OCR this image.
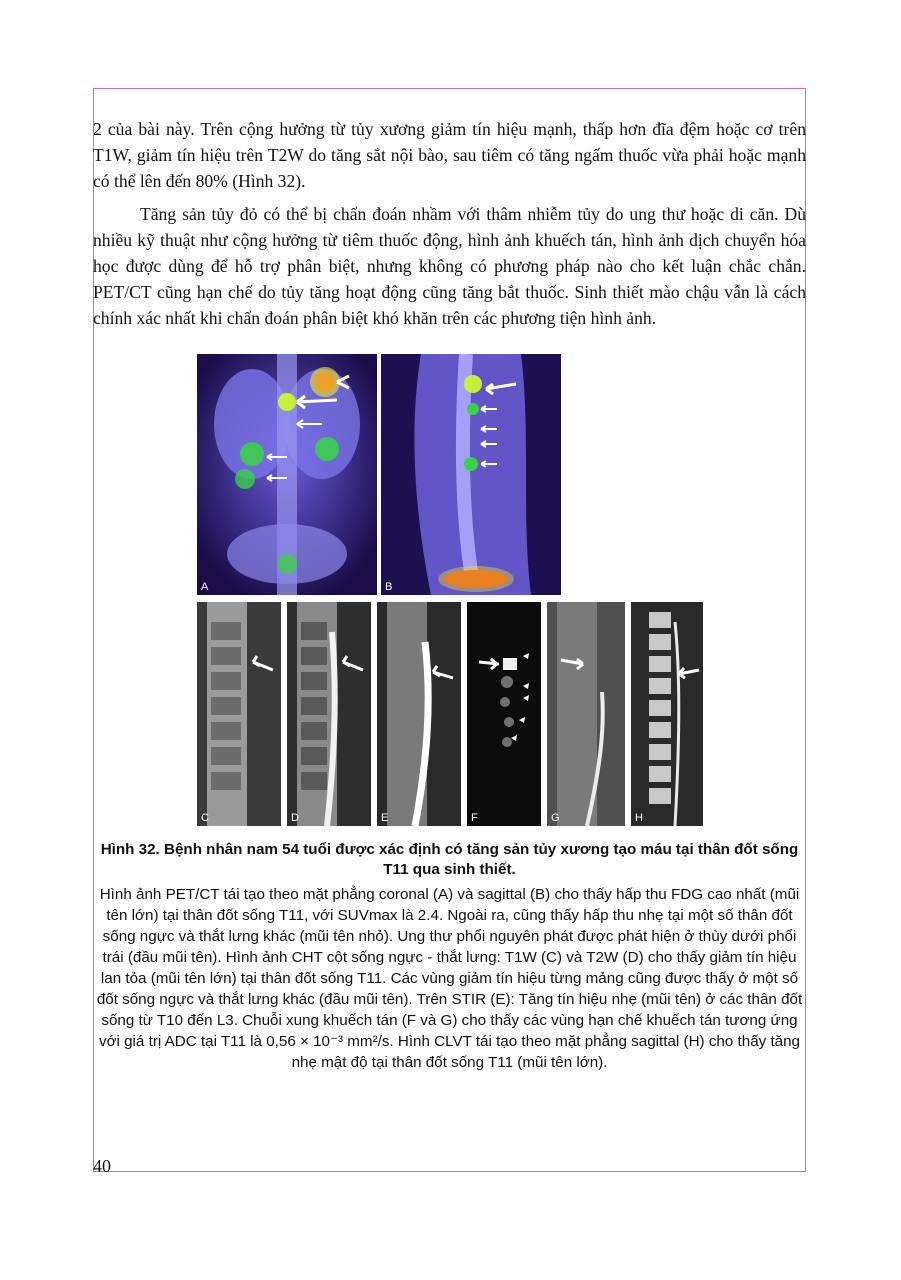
2 của bài này. Trên cộng hưởng từ tủy xương giảm tín hiệu mạnh, thấp hơn đĩa đệm hoặc cơ trên T1W, giảm tín hiệu trên T2W do tăng sắt nội bào, sau tiêm có tăng ngấm thuốc vừa phải hoặc mạnh có thể lên đến 80% (Hình 32).

Tăng sản tủy đỏ có thể bị chẩn đoán nhầm với thâm nhiễm tủy do ung thư hoặc di căn. Dù nhiều kỹ thuật như cộng hưởng từ tiêm thuốc động, hình ảnh khuếch tán, hình ảnh dịch chuyển hóa học được dùng để hỗ trợ phân biệt, nhưng không có phương pháp nào cho kết luận chắc chắn. PET/CT cũng hạn chế do tủy tăng hoạt động cũng tăng bắt thuốc. Sinh thiết mào chậu vẫn là cách chính xác nhất khi chẩn đoán phân biệt khó khăn trên các phương tiện hình ảnh.

A	B
C	D	E	F	G	H
Hình 32. Bệnh nhân nam 54 tuổi được xác định có tăng sản tủy xương tạo máu tại thân đốt sống T11 qua sinh thiết.
Hình ảnh PET/CT tái tạo theo mặt phẳng coronal (A) và sagittal (B) cho thấy hấp thu FDG cao nhất (mũi tên lớn) tại thân đốt sống T11, với SUVmax là 2.4. Ngoài ra, cũng thấy hấp thu nhẹ tại một số thân đốt sống ngực và thắt lưng khác (mũi tên nhỏ). Ung thư phổi nguyên phát được phát hiện ở thùy dưới phổi trái (đầu mũi tên). Hình ảnh CHT cột sống ngực - thắt lưng: T1W (C) và T2W (D) cho thấy giảm tín hiệu lan tỏa (mũi tên lớn) tại thân đốt sống T11. Các vùng giảm tín hiệu từng mảng cũng được thấy ở một số đốt sống ngực và thắt lưng khác (đầu mũi tên). Trên STIR (E): Tăng tín hiệu nhẹ (mũi tên) ở các thân đốt sống từ T10 đến L3. Chuỗi xung khuếch tán (F và G) cho thấy các vùng hạn chế khuếch tán tương ứng với giá trị ADC tại T11 là 0,56 × 10⁻³ mm²/s. Hình CLVT tái tạo theo mặt phẳng sagittal (H) cho thấy tăng nhẹ mật độ tại thân đốt sống T11 (mũi tên lớn).
40
